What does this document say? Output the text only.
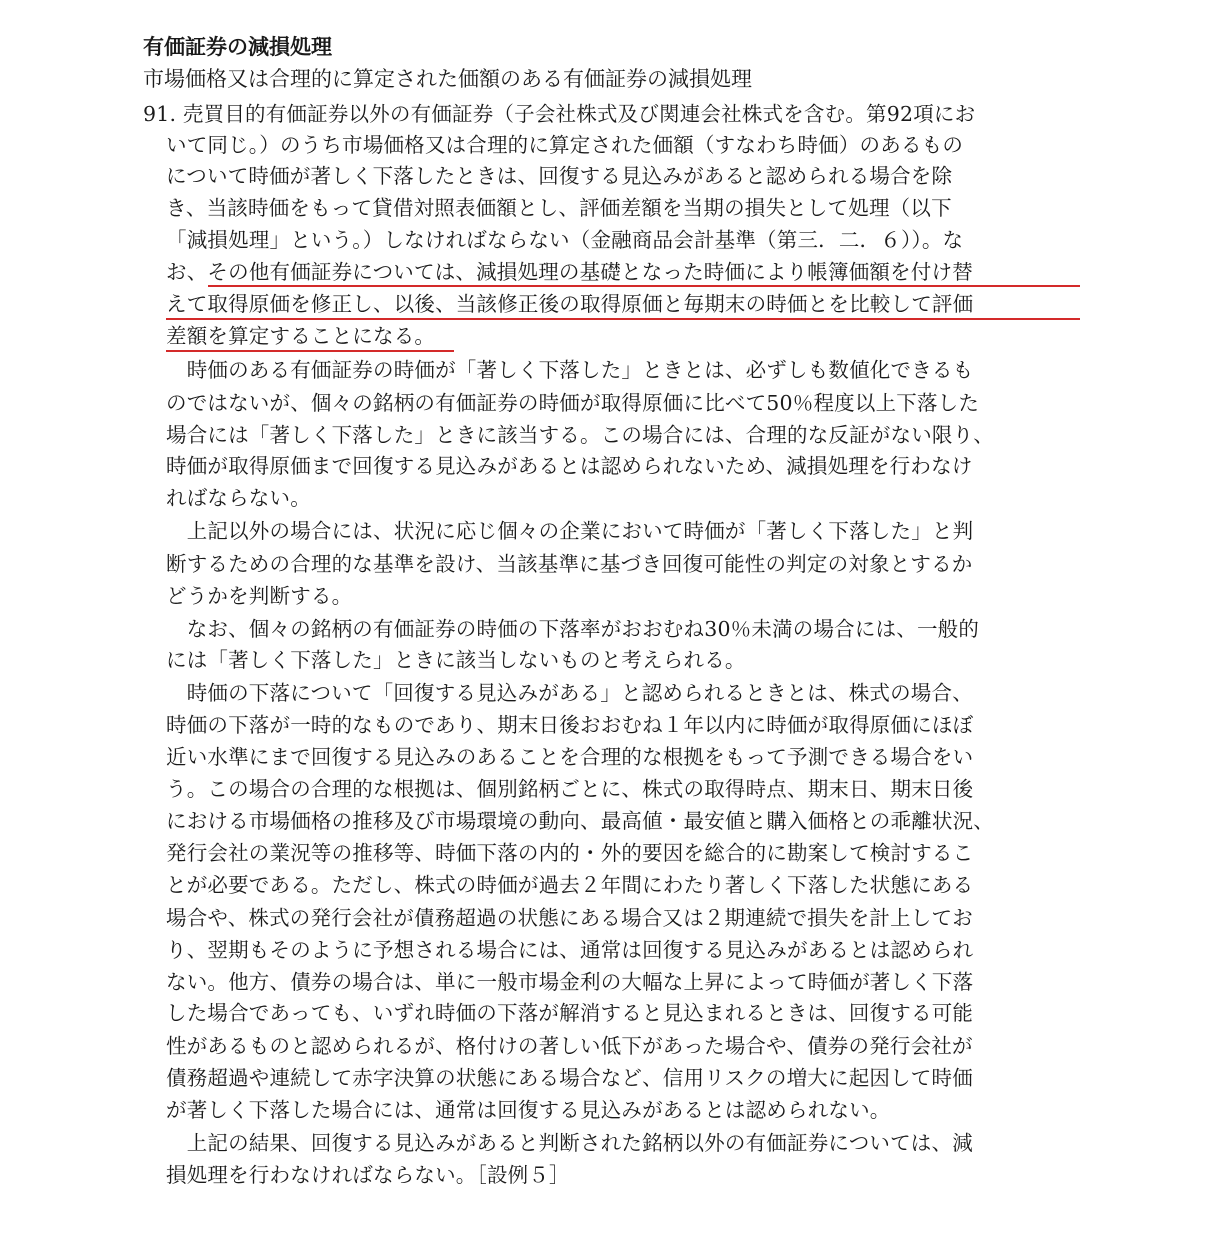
有価証券の減損処理
市場価格又は合理的に算定された価額のある有価証券の減損処理
91. 売買目的有価証券以外の有価証券（子会社株式及び関連会社株式を含む。第92項にお
いて同じ。）のうち市場価格又は合理的に算定された価額（すなわち時価）のあるもの
について時価が著しく下落したときは、回復する見込みがあると認められる場合を除
き、当該時価をもって貸借対照表価額とし、評価差額を当期の損失として処理（以下
「減損処理」という。）しなければならない（金融商品会計基準（第三．二．６））。な
お、その他有価証券については、減損処理の基礎となった時価により帳簿価額を付け替
えて取得原価を修正し、以後、当該修正後の取得原価と毎期末の時価とを比較して評価
差額を算定することになる。
　時価のある有価証券の時価が「著しく下落した」ときとは、必ずしも数値化できるも
のではないが、個々の銘柄の有価証券の時価が取得原価に比べて50％程度以上下落した
場合には「著しく下落した」ときに該当する。この場合には、合理的な反証がない限り、
時価が取得原価まで回復する見込みがあるとは認められないため、減損処理を行わなけ
ればならない。
　上記以外の場合には、状況に応じ個々の企業において時価が「著しく下落した」と判
断するための合理的な基準を設け、当該基準に基づき回復可能性の判定の対象とするか
どうかを判断する。
　なお、個々の銘柄の有価証券の時価の下落率がおおむね30％未満の場合には、一般的
には「著しく下落した」ときに該当しないものと考えられる。
　時価の下落について「回復する見込みがある」と認められるときとは、株式の場合、
時価の下落が一時的なものであり、期末日後おおむね１年以内に時価が取得原価にほぼ
近い水準にまで回復する見込みのあることを合理的な根拠をもって予測できる場合をい
う。この場合の合理的な根拠は、個別銘柄ごとに、株式の取得時点、期末日、期末日後
における市場価格の推移及び市場環境の動向、最高値・最安値と購入価格との乖離状況、
発行会社の業況等の推移等、時価下落の内的・外的要因を総合的に勘案して検討するこ
とが必要である。ただし、株式の時価が過去２年間にわたり著しく下落した状態にある
場合や、株式の発行会社が債務超過の状態にある場合又は２期連続で損失を計上してお
り、翌期もそのように予想される場合には、通常は回復する見込みがあるとは認められ
ない。他方、債券の場合は、単に一般市場金利の大幅な上昇によって時価が著しく下落
した場合であっても、いずれ時価の下落が解消すると見込まれるときは、回復する可能
性があるものと認められるが、格付けの著しい低下があった場合や、債券の発行会社が
債務超過や連続して赤字決算の状態にある場合など、信用リスクの増大に起因して時価
が著しく下落した場合には、通常は回復する見込みがあるとは認められない。
　上記の結果、回復する見込みがあると判断された銘柄以外の有価証券については、減
損処理を行わなければならない。［設例５］
